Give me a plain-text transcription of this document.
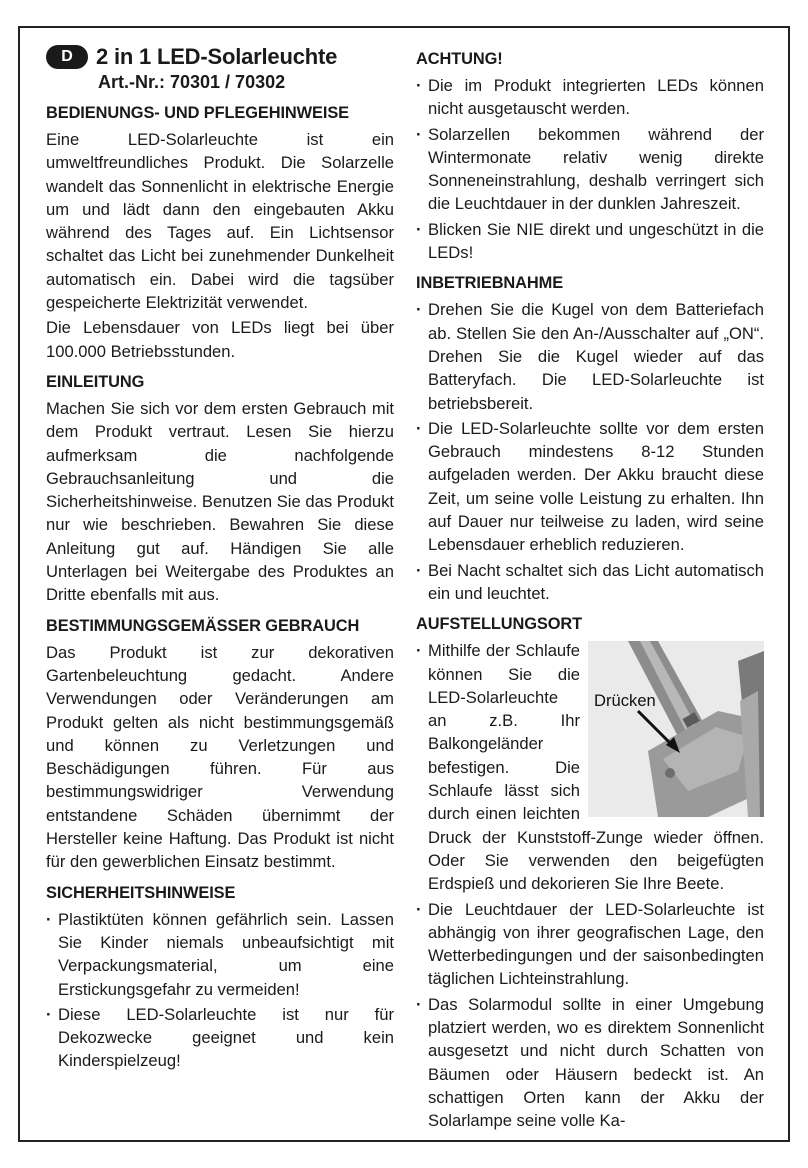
D	2 in 1 LED-Solarleuchte
Art.-Nr.: 70301 / 70302
BEDIENUNGS- UND PFLEGEHINWEISE

Eine LED-Solarleuchte ist ein umweltfreundliches Produkt. Die Solarzelle wandelt das Sonnenlicht in elektrische Energie um und lädt dann den eingebauten Akku während des Tages auf. Ein Lichtsensor schaltet das Licht bei zunehmender Dunkelheit automatisch ein. Dabei wird die tagsüber gespeicherte Elektrizität verwendet.

Die Lebensdauer von LEDs liegt bei über 100.000 Betriebsstunden.

EINLEITUNG

Machen Sie sich vor dem ersten Gebrauch mit dem Produkt vertraut. Lesen Sie hierzu aufmerksam die nachfolgende Gebrauchsanleitung und die Sicherheitshinweise. Benutzen Sie das Produkt nur wie beschrieben. Bewahren Sie diese Anleitung gut auf. Händigen Sie alle Unterlagen bei Weitergabe des Produktes an Dritte ebenfalls mit aus.

BESTIMMUNGSGEMÄSSER GEBRAUCH

Das Produkt ist zur dekorativen Gartenbeleuchtung gedacht. Andere Verwendungen oder Veränderungen am Produkt gelten als nicht bestimmungsgemäß und können zu Verletzungen und Beschädigungen führen. Für aus bestimmungswidriger Verwendung entstandene Schäden übernimmt der Hersteller keine Haftung. Das Produkt ist nicht für den gewerblichen Einsatz bestimmt.

SICHERHEITSHINWEISE
· Plastiktüten können gefährlich sein. Lassen Sie Kinder niemals unbeaufsichtigt mit Verpackungsmaterial, um eine Erstickungsgefahr zu vermeiden!
· Diese LED-Solarleuchte ist nur für Dekozwecke geeignet und kein Kinderspielzeug!
ACHTUNG!
· Die im Produkt integrierten LEDs können nicht ausgetauscht werden.
· Solarzellen bekommen während der Wintermonate relativ wenig direkte Sonneneinstrahlung, deshalb verringert sich die Leuchtdauer in der dunklen Jahreszeit.
· Blicken Sie NIE direkt und ungeschützt in die LEDs!
INBETRIEBNAHME
· Drehen Sie die Kugel von dem Batteriefach ab. Stellen Sie den An-/Ausschalter auf „ON“. Drehen Sie die Kugel wieder auf das Batteryfach. Die LED-Solarleuchte ist betriebsbereit.
· Die LED-Solarleuchte sollte vor dem ersten Gebrauch mindestens 8-12 Stunden aufgeladen werden. Der Akku braucht diese Zeit, um seine volle Leistung zu erhalten. Ihn auf Dauer nur teilweise zu laden, wird seine Lebensdauer erheblich reduzieren.
· Bei Nacht schaltet sich das Licht automatisch ein und leuchtet.
AUFSTELLUNGSORT
· Drücken
Mithilfe der Schlaufe können Sie die LED-Solarleuchte an z.B. Ihr Balkongeländer befestigen. Die Schlaufe lässt sich durch einen leichten Druck der Kunststoff-Zunge wieder öffnen. Oder Sie verwenden den beigefügten Erdspieß und dekorieren Sie Ihre Beete.
· Die Leuchtdauer der LED-Solarleuchte ist abhängig von ihrer geografischen Lage, den Wetterbedingungen und der saisonbedingten täglichen Lichteinstrahlung.
· Das Solarmodul sollte in einer Umgebung platziert werden, wo es direktem Sonnenlicht ausgesetzt und nicht durch Schatten von Bäumen oder Häusern bedeckt ist. An schattigen Orten kann der Akku der Solarlampe seine volle Ka-
